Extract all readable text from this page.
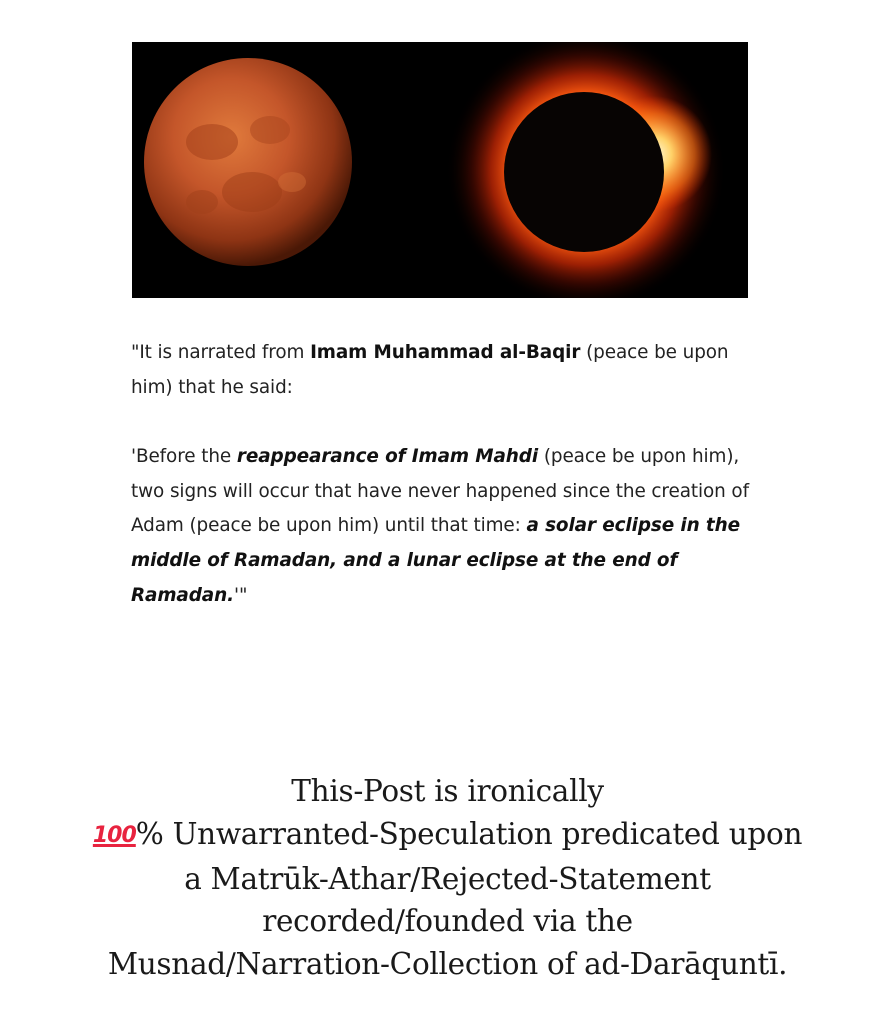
"It is narrated from Imam Muhammad al-Baqir (peace be upon him) that he said:

'Before the reappearance of Imam Mahdi (peace be upon him), two signs will occur that have never happened since the creation of Adam (peace be upon him) until that time: a solar eclipse in the middle of Ramadan, and a lunar eclipse at the end of Ramadan.'"

This-Post is ironically
100% Unwarranted-Speculation predicated upon
a Matrūk-Athar/Rejected-Statement
recorded/founded via the
Musnad/Narration-Collection of ad-Darāquntī.
